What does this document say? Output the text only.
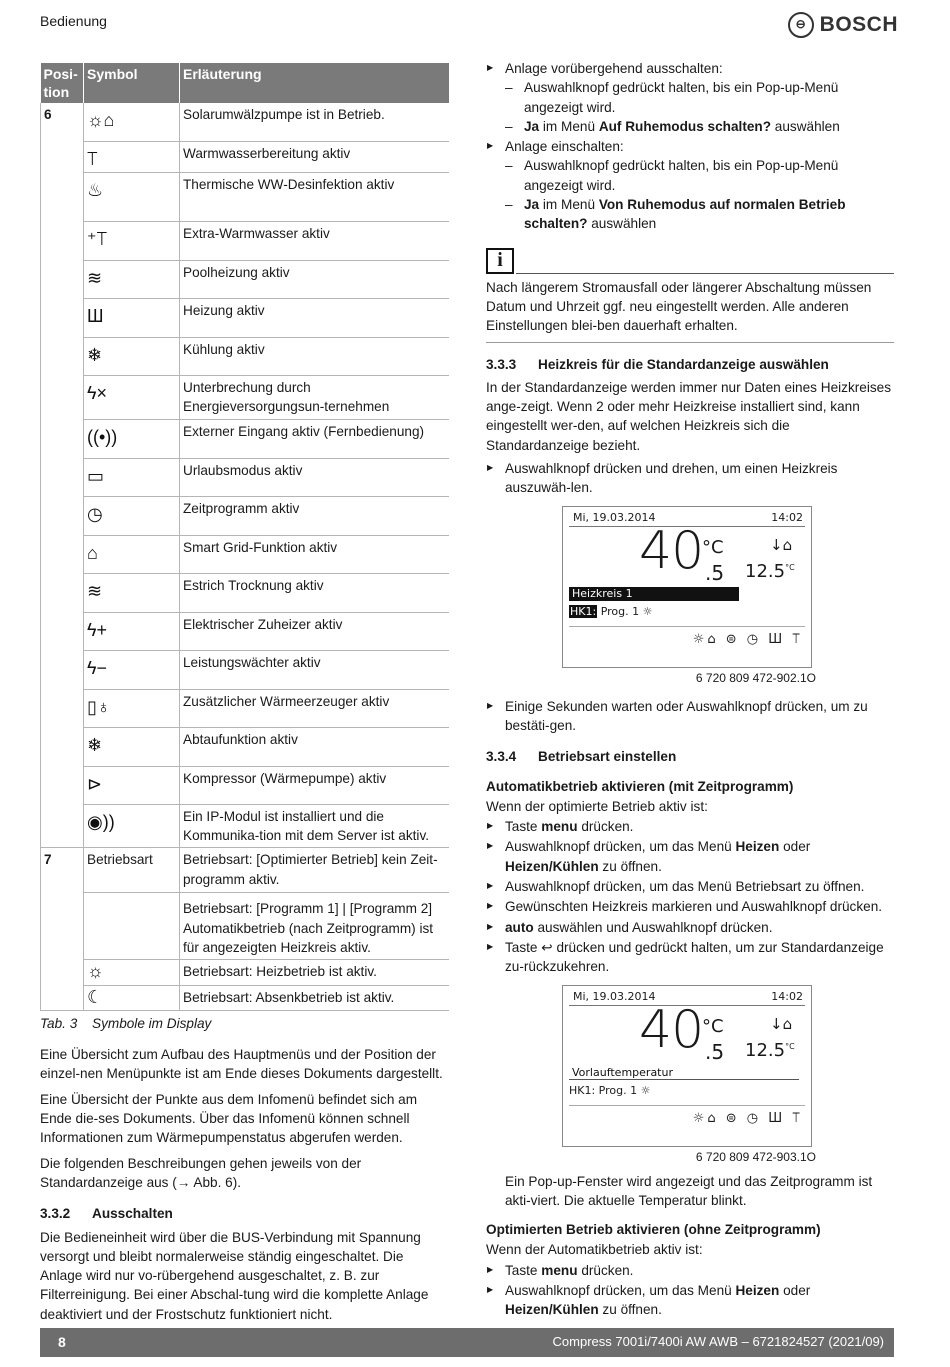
Bedienung	⊖ BOSCH
Posi-
tion	Symbol	Erläuterung
6	☼⌂	Solarumwälzpumpe ist in Betrieb.
	⟙	Warmwasserbereitung aktiv
	♨	Thermische WW-Desinfektion aktiv
	⁺⟙	Extra-Warmwasser aktiv
	≋	Poolheizung aktiv
	Ш	Heizung aktiv
	❄	Kühlung aktiv
	ϟ×	Unterbrechung durch Energieversorgungsun-ternehmen
	((•))	Externer Eingang aktiv (Fernbedienung)
	▭	Urlaubsmodus aktiv
	◷	Zeitprogramm aktiv
	⌂	Smart Grid-Funktion aktiv
	≋	Estrich Trocknung aktiv
	ϟ+	Elektrischer Zuheizer aktiv
	ϟ−	Leistungswächter aktiv
	▯♁	Zusätzlicher Wärmeerzeuger aktiv
	❄	Abtaufunktion aktiv
	⊳	Kompressor (Wärmepumpe) aktiv
	◉))	Ein IP-Modul ist installiert und die Kommunika-tion mit dem Server ist aktiv.
7	Betriebsart	Betriebsart: [Optimierter Betrieb] kein Zeit-programm aktiv.
		Betriebsart: [Programm 1] | [Programm 2] Automatikbetrieb (nach Zeitprogramm) ist für angezeigten Heizkreis aktiv.
	☼	Betriebsart: Heizbetrieb ist aktiv.
	☾	Betriebsart: Absenkbetrieb ist aktiv.
Tab. 3 Symbole im Display

Eine Übersicht zum Aufbau des Hauptmenüs und der Position der einzel-nen Menüpunkte ist am Ende dieses Dokuments dargestellt.

Eine Übersicht der Punkte aus dem Infomenü befindet sich am Ende die-ses Dokuments. Über das Infomenü können schnell Informationen zum Wärmepumpenstatus abgerufen werden.

Die folgenden Beschreibungen gehen jeweils von der Standardanzeige aus (→ Abb. 6).

3.3.2 Ausschalten

Die Bedieneinheit wird über die BUS-Verbindung mit Spannung versorgt und bleibt normalerweise ständig eingeschaltet. Die Anlage wird nur vo-rübergehend ausgeschaltet, z. B. zur Filterreinigung. Bei einer Abschal-tung wird die komplette Anlage deaktiviert und der Frostschutz funktioniert nicht.

▶ Anlage vorübergehend ausschalten:
– Auswahlknopf gedrückt halten, bis ein Pop-up-Menü angezeigt wird.
– Ja im Menü Auf Ruhemodus schalten? auswählen
▶ Anlage einschalten:
– Auswahlknopf gedrückt halten, bis ein Pop-up-Menü angezeigt wird.
– Ja im Menü Von Ruhemodus auf normalen Betrieb schalten? auswählen
i
Nach längerem Stromausfall oder längerer Abschaltung müssen Datum und Uhrzeit ggf. neu eingestellt werden. Alle anderen Einstellungen blei-ben dauerhaft erhalten.
3.3.3 Heizkreis für die Standardanzeige auswählen

In der Standardanzeige werden immer nur Daten eines Heizkreises ange-zeigt. Wenn 2 oder mehr Heizkreise installiert sind, kann eingestellt wer-den, auf welchen Heizkreis sich die Standardanzeige bezieht.

▶ Auswahlknopf drücken und drehen, um einen Heizkreis auszuwäh-len.
Mi, 19.03.2014	14:02
40
°C
.5
↓⌂
$12.5^{^\circ C}$
Heizkreis 1
HK1: Prog. 1 ☼
☼⌂ ⊜ ◷ Ш ⟙
6 720 809 472-902.1O
▶ Einige Sekunden warten oder Auswahlknopf drücken, um zu bestäti-gen.
3.3.4 Betriebsart einstellen
Automatikbetrieb aktivieren (mit Zeitprogramm)

Wenn der optimierte Betrieb aktiv ist:

▶ Taste menu drücken.
▶ Auswahlknopf drücken, um das Menü Heizen oder Heizen/Kühlen zu öffnen.
▶ Auswahlknopf drücken, um das Menü Betriebsart zu öffnen.
▶ Gewünschten Heizkreis markieren und Auswahlknopf drücken.
▶ auto auswählen und Auswahlknopf drücken.
▶ Taste ↩ drücken und gedrückt halten, um zur Standardanzeige zu-rückzukehren.
Mi, 19.03.2014	14:02
40
°C
.5
↓⌂
$12.5^{^\circ C}$
Vorlauftemperatur
HK1: Prog. 1 ☼
☼⌂ ⊜ ◷ Ш ⟙
6 720 809 472-903.1O

Ein Pop-up-Fenster wird angezeigt und das Zeitprogramm ist akti-viert. Die aktuelle Temperatur blinkt.

Optimierten Betrieb aktivieren (ohne Zeitprogramm)

Wenn der Automatikbetrieb aktiv ist:

▶ Taste menu drücken.
▶ Auswahlknopf drücken, um das Menü Heizen oder Heizen/Kühlen zu öffnen.
8	Compress 7001i/7400i AW AWB – 6721824527 (2021/09)
